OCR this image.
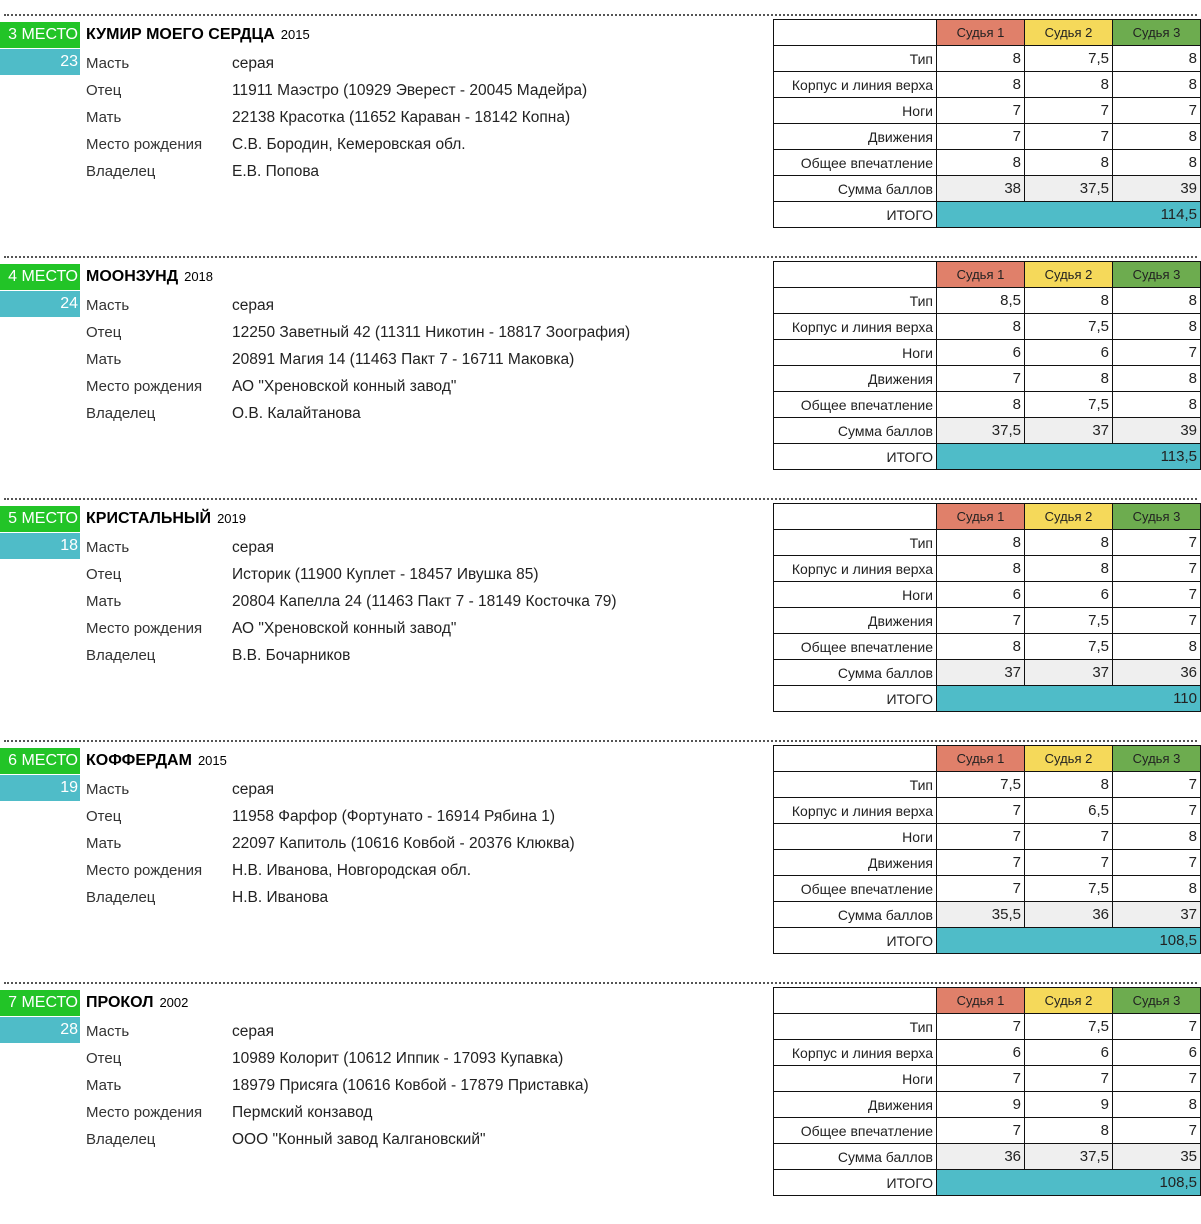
3 МЕСТО
23
КУМИР МОЕГО СЕРДЦА 2015
Масть	серая
Отец	11911 Маэстро (10929 Эверест - 20045 Мадейра)
Мать	22138 Красотка (11652 Караван - 18142 Копна)
Место рождения С.В. Бородин, Кемеровская обл.
Владелец	Е.В. Попова
	Судья 1	Судья 2	Судья 3
Тип	8	7,5	8
Корпус и линия верха	8	8	8
Ноги	7	7	7
Движения	7	7	8
Общее впечатление	8	8	8
Сумма баллов	38	37,5	39
ИТОГО	114,5		
4 МЕСТО
24
МООНЗУНД 2018
Масть	серая
Отец	12250 Заветный 42 (11311 Никотин - 18817 Зоография)
Мать	20891 Магия 14 (11463 Пакт 7 - 16711 Маковка)
Место рождения АО "Хреновской конный завод"
Владелец	О.В. Калайтанова
	Судья 1	Судья 2	Судья 3
Тип	8,5	8	8
Корпус и линия верха	8	7,5	8
Ноги	6	6	7
Движения	7	8	8
Общее впечатление	8	7,5	8
Сумма баллов	37,5	37	39
ИТОГО	113,5		
5 МЕСТО
18
КРИСТАЛЬНЫЙ 2019
Масть	серая
Отец	Историк (11900 Куплет - 18457 Ивушка 85)
Мать	20804 Капелла 24 (11463 Пакт 7 - 18149 Косточка 79)
Место рождения АО "Хреновской конный завод"
Владелец	В.В. Бочарников
	Судья 1	Судья 2	Судья 3
Тип	8	8	7
Корпус и линия верха	8	8	7
Ноги	6	6	7
Движения	7	7,5	7
Общее впечатление	8	7,5	8
Сумма баллов	37	37	36
ИТОГО	110		
6 МЕСТО
19
КОФФЕРДАМ 2015
Масть	серая
Отец	11958 Фарфор (Фортунато - 16914 Рябина 1)
Мать	22097 Капитоль (10616 Ковбой - 20376 Клюква)
Место рождения Н.В. Иванова, Новгородская обл.
Владелец	Н.В. Иванова
	Судья 1	Судья 2	Судья 3
Тип	7,5	8	7
Корпус и линия верха	7	6,5	7
Ноги	7	7	8
Движения	7	7	7
Общее впечатление	7	7,5	8
Сумма баллов	35,5	36	37
ИТОГО	108,5		
7 МЕСТО
28
ПРОКОЛ 2002
Масть	серая
Отец	10989 Колорит (10612 Иппик - 17093 Купавка)
Мать	18979 Присяга (10616 Ковбой - 17879 Приставка)
Место рождения Пермский конзавод
Владелец	ООО "Конный завод Калгановский"
	Судья 1	Судья 2	Судья 3
Тип	7	7,5	7
Корпус и линия верха	6	6	6
Ноги	7	7	7
Движения	9	9	8
Общее впечатление	7	8	7
Сумма баллов	36	37,5	35
ИТОГО	108,5		
